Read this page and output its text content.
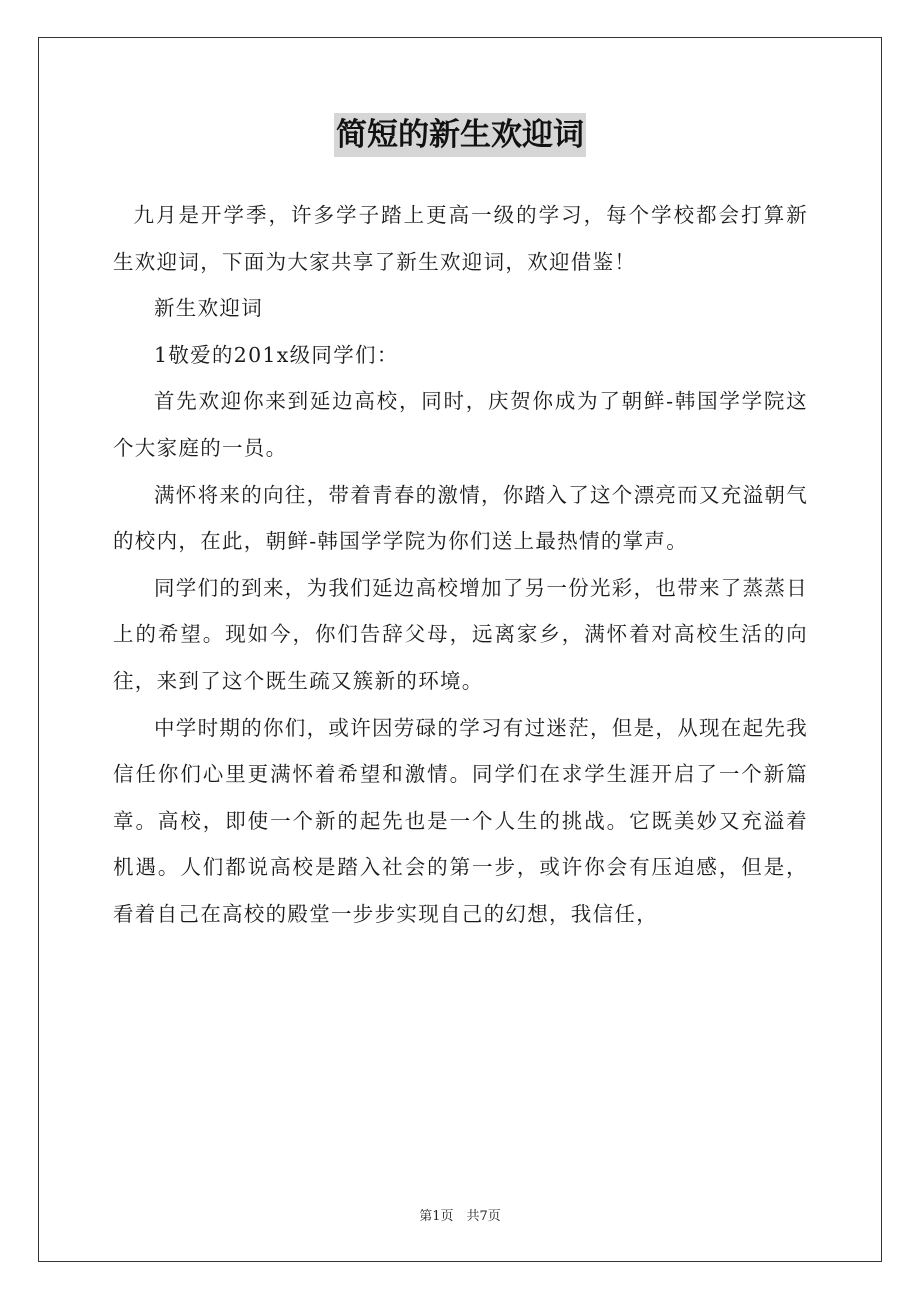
简短的新生欢迎词

九月是开学季，许多学子踏上更高一级的学习，每个学校都会打算新生欢迎词，下面为大家共享了新生欢迎词，欢迎借鉴！

新生欢迎词

1敬爱的201x级同学们：

首先欢迎你来到延边高校，同时，庆贺你成为了朝鲜-韩国学学院这个大家庭的一员。

满怀将来的向往，带着青春的激情，你踏入了这个漂亮而又充溢朝气的校内，在此，朝鲜-韩国学学院为你们送上最热情的掌声。

同学们的到来，为我们延边高校增加了另一份光彩，也带来了蒸蒸日上的希望。现如今，你们告辞父母，远离家乡，满怀着对高校生活的向往，来到了这个既生疏又簇新的环境。

中学时期的你们，或许因劳碌的学习有过迷茫，但是，从现在起先我信任你们心里更满怀着希望和激情。同学们在求学生涯开启了一个新篇章。高校，即使一个新的起先也是一个人生的挑战。它既美妙又充溢着机遇。人们都说高校是踏入社会的第一步，或许你会有压迫感，但是，看着自己在高校的殿堂一步步实现自己的幻想，我信任，

第1页　共7页
